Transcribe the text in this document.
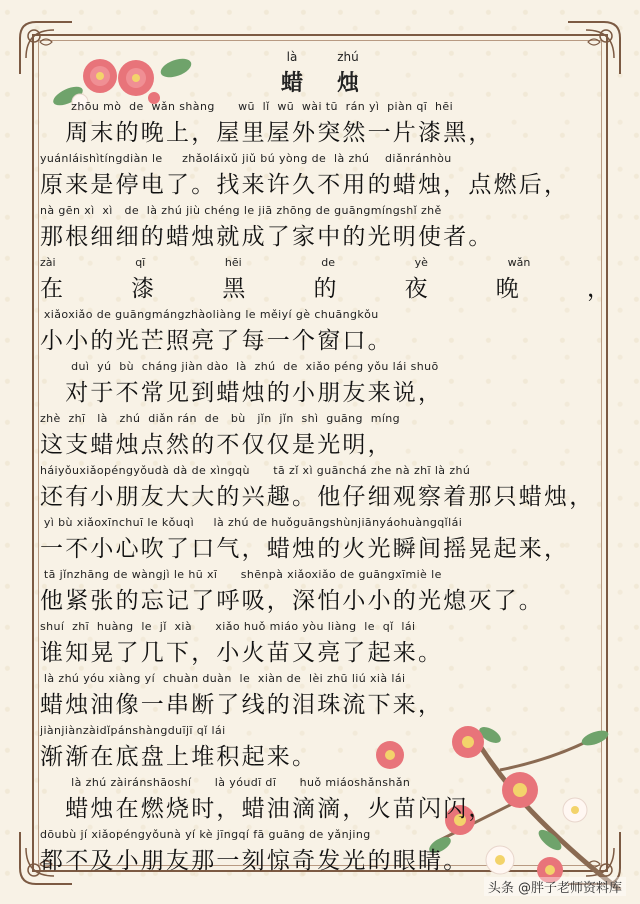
là	zhú
蜡	烛
zhōu mò  de  wǎn shàng      wū  lǐ  wū  wài tū  rán yì  piàn qī  hēi
　周末的晚上，屋里屋外突然一片漆黑，
yuánláishìtíngdiàn le     zhǎoláixǔ jiǔ bú yòng de  là zhú    diǎnránhòu
原来是停电了。找来许久不用的蜡烛，点燃后，
nà gēn xì  xì   de  là zhú jiù chéng le jiā zhōng de guāngmíngshǐ zhě
那根细细的蜡烛就成了家中的光明使者。
zài	qī	hēi	de	yè	wǎn
在	漆	黑	的	夜	晚	，
xiǎoxiǎo de guāngmángzhàoliàng le měiyí gè chuāngkǒu
小小的光芒照亮了每一个窗口。
duì  yú  bù  cháng jiàn dào  là  zhú  de  xiǎo péng yǒu lái shuō
　对于不常见到蜡烛的小朋友来说，
zhè  zhī   là   zhú  diǎn rán  de   bù   jǐn  jǐn  shì  guāng  míng
这支蜡烛点然的不仅仅是光明，
háiyǒuxiǎopéngyǒudà dà de xìngqù      tā zǐ xì guānchá zhe nà zhī là zhú
还有小朋友大大的兴趣。他仔细观察着那只蜡烛，
yì bù xiǎoxīnchuī le kǒuqì     là zhú de huǒguāngshùnjiānyáohuàngqǐlái
一不小心吹了口气，蜡烛的火光瞬间摇晃起来，
tā jǐnzhāng de wàngjì le hū xī      shēnpà xiǎoxiǎo de guāngxīmiè le
他紧张的忘记了呼吸，深怕小小的光熄灭了。
shuí  zhī  huàng  le  jǐ  xià      xiǎo huǒ miáo yòu liàng  le  qǐ  lái
谁知晃了几下，小火苗又亮了起来。
là zhú yóu xiàng yí  chuàn duàn  le  xiàn de  lèi zhū liú xià lái
蜡烛油像一串断了线的泪珠流下来，
jiànjiànzàidǐpánshàngduījī qǐ lái
渐渐在底盘上堆积起来。
là zhú zàiránshāoshí      là yóudī dī      huǒ miáoshǎnshǎn
　蜡烛在燃烧时，蜡油滴滴，火苗闪闪，
dōubù jí xiǎopéngyǒunà yí kè jīngqí fā guāng de yǎnjing
都不及小朋友那一刻惊奇发光的眼睛。
头条 @胖子老师资料库
